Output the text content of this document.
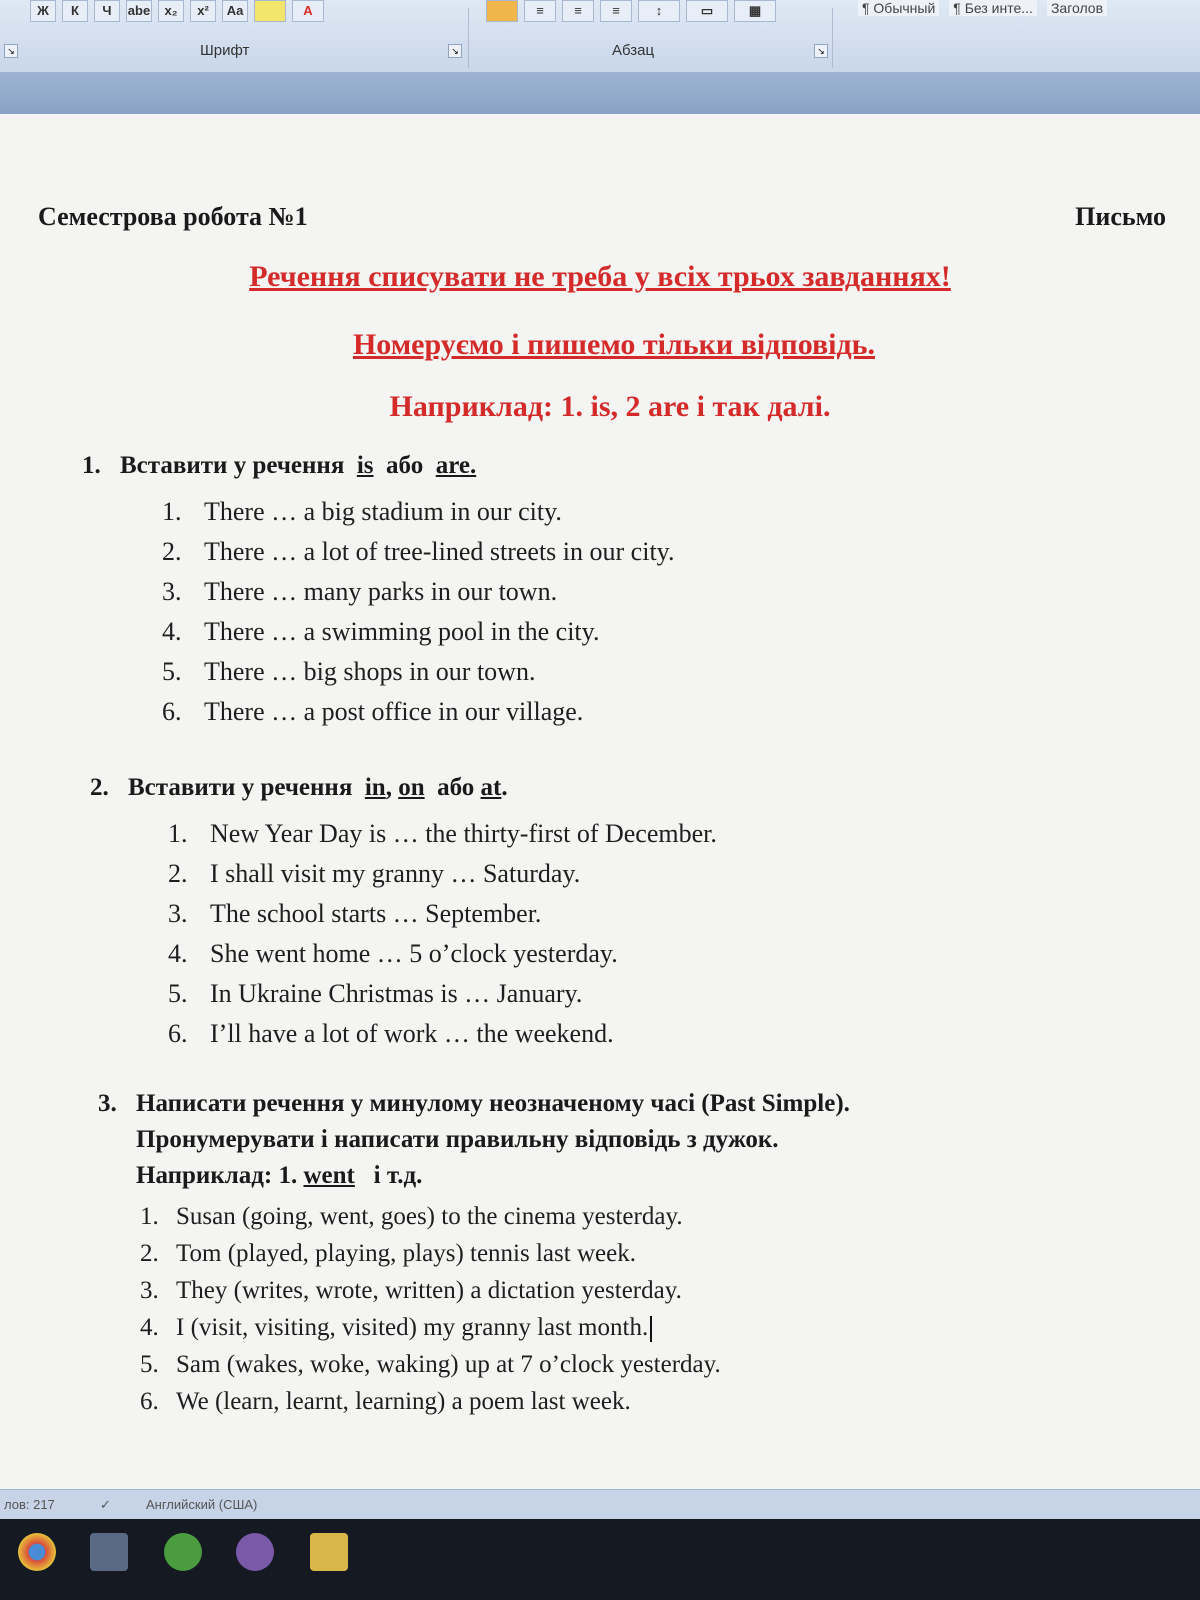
Ж	К	Ч	abe	x₂	x²	Aa	A
↘	Шрифт	↘
≡	≡	≡	↕	▭	▦
Абзац	↘
¶ Обычный ¶ Без инте... Заголов
Семестрова робота №1	Письмо
Речення списувати не треба у всіх трьох завданнях!
Номеруємо і пишемо тільки відповідь.
Наприклад: 1. is, 2 are і так далі.
1. Вставити у речення is або are.
1. There … a big stadium in our city.
2. There … a lot of tree-lined streets in our city.
3. There … many parks in our town.
4. There … a swimming pool in the city.
5. There … big shops in our town.
6. There … a post office in our village.
2. Вставити у речення in, on або at.
1. New Year Day is … the thirty-first of December.
2. I shall visit my granny … Saturday.
3. The school starts … September.
4. She went home … 5 o’clock yesterday.
5. In Ukraine Christmas is … January.
6. I’ll have a lot of work … the weekend.
3. Написати речення у минулому неозначеному часі (Past Simple).
Пронумерувати і написати правильну відповідь з дужок.
Наприклад: 1. went і т.д.
1. Susan (going, went, goes) to the cinema yesterday.
2. Tom (played, playing, plays) tennis last week.
3. They (writes, wrote, written) a dictation yesterday.
4. I (visit, visiting, visited) my granny last month.
5. Sam (wakes, woke, waking) up at 7 o’clock yesterday.
6. We (learn, learnt, learning) a poem last week.
лов: 217	✓	Английский (США)
